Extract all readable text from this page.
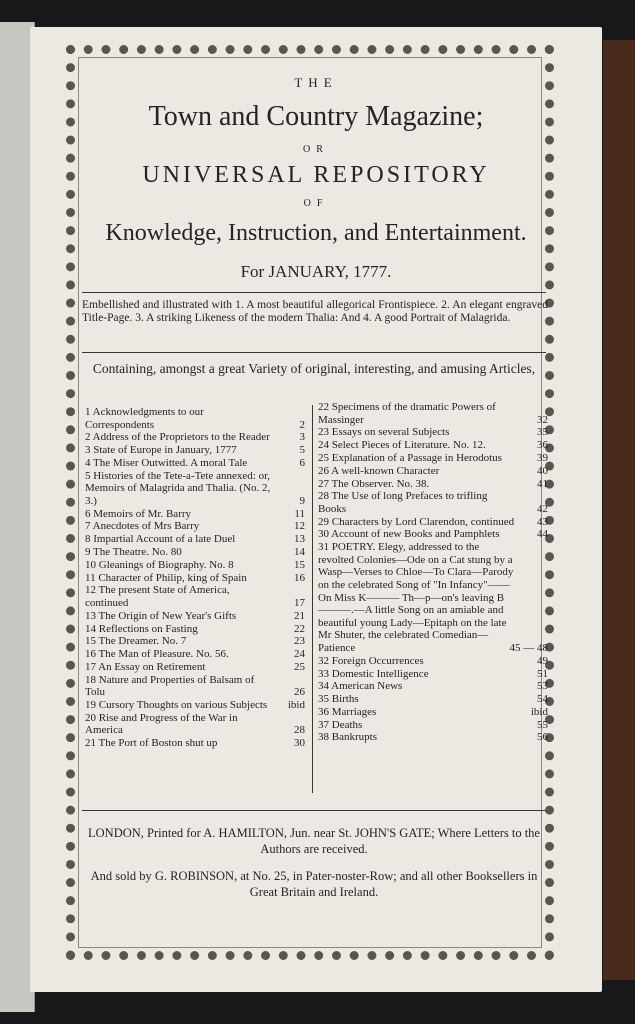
THE
Town and Country Magazine;
OR
UNIVERSAL REPOSITORY
OF
Knowledge, Instruction, and Entertainment.
For JANUARY, 1777.
Embellished and illustrated with 1. A most beautiful allegorical Frontispiece. 2. An elegant engraved Title-Page. 3. A striking Likeness of the modern Thalia: And 4. A good Portrait of Malagrida.
Containing, amongst a great Variety of original, interesting, and amusing Articles,
1 Acknowledgments to our Correspondents	2
2 Address of the Proprietors to the Reader	3
3 State of Europe in January, 1777	5
4 The Miser Outwitted. A moral Tale	6
5 Histories of the Tete-a-Tete annexed: or, Memoirs of Malagrida and Thalia. (No. 2, 3.)	9
6 Memoirs of Mr. Barry	11
7 Anecdotes of Mrs Barry	12
8 Impartial Account of a late Duel	13
9 The Theatre. No. 80	14
10 Gleanings of Biography. No. 8	15
11 Character of Philip, king of Spain	16
12 The present State of America, continued	17
13 The Origin of New Year's Gifts	21
14 Reflections on Fasting	22
15 The Dreamer. No. 7	23
16 The Man of Pleasure. No. 56.	24
17 An Essay on Retirement	25
18 Nature and Properties of Balsam of Tolu	26
19 Cursory Thoughts on various Subjects ibid
20 Rise and Progress of the War in America	28
21 The Port of Boston shut up	30
22 Specimens of the dramatic Powers of Massinger	32
23 Essays on several Subjects	35
24 Select Pieces of Literature. No. 12.	36
25 Explanation of a Passage in Herodotus	39
26 A well-known Character	40
27 The Observer. No. 38.	41
28 The Use of long Prefaces to trifling Books	42
29 Characters by Lord Clarendon, continued 43
30 Account of new Books and Pamphlets	44
31 POETRY. Elegy, addressed to the revolted Colonies—Ode on a Cat stung by a Wasp—Verses to Chloe—To Clara—Parody on the celebrated Song of "In Infancy"——On Miss K——— Th—p—on's leaving B———.—A little Song on an amiable and beautiful young Lady—Epitaph on the late Mr Shuter, the celebrated Comedian—Patience	45 — 48
32 Foreign Occurrences	49
33 Domestic Intelligence	51
34 American News	53
35 Births	54
36 Marriages	ibid
37 Deaths	55
38 Bankrupts	56
LONDON, Printed for A. HAMILTON, Jun. near St. JOHN'S GATE; Where Letters to the Authors are received.
And sold by G. ROBINSON, at No. 25, in Pater-noster-Row; and all other Booksellers in Great Britain and Ireland.
